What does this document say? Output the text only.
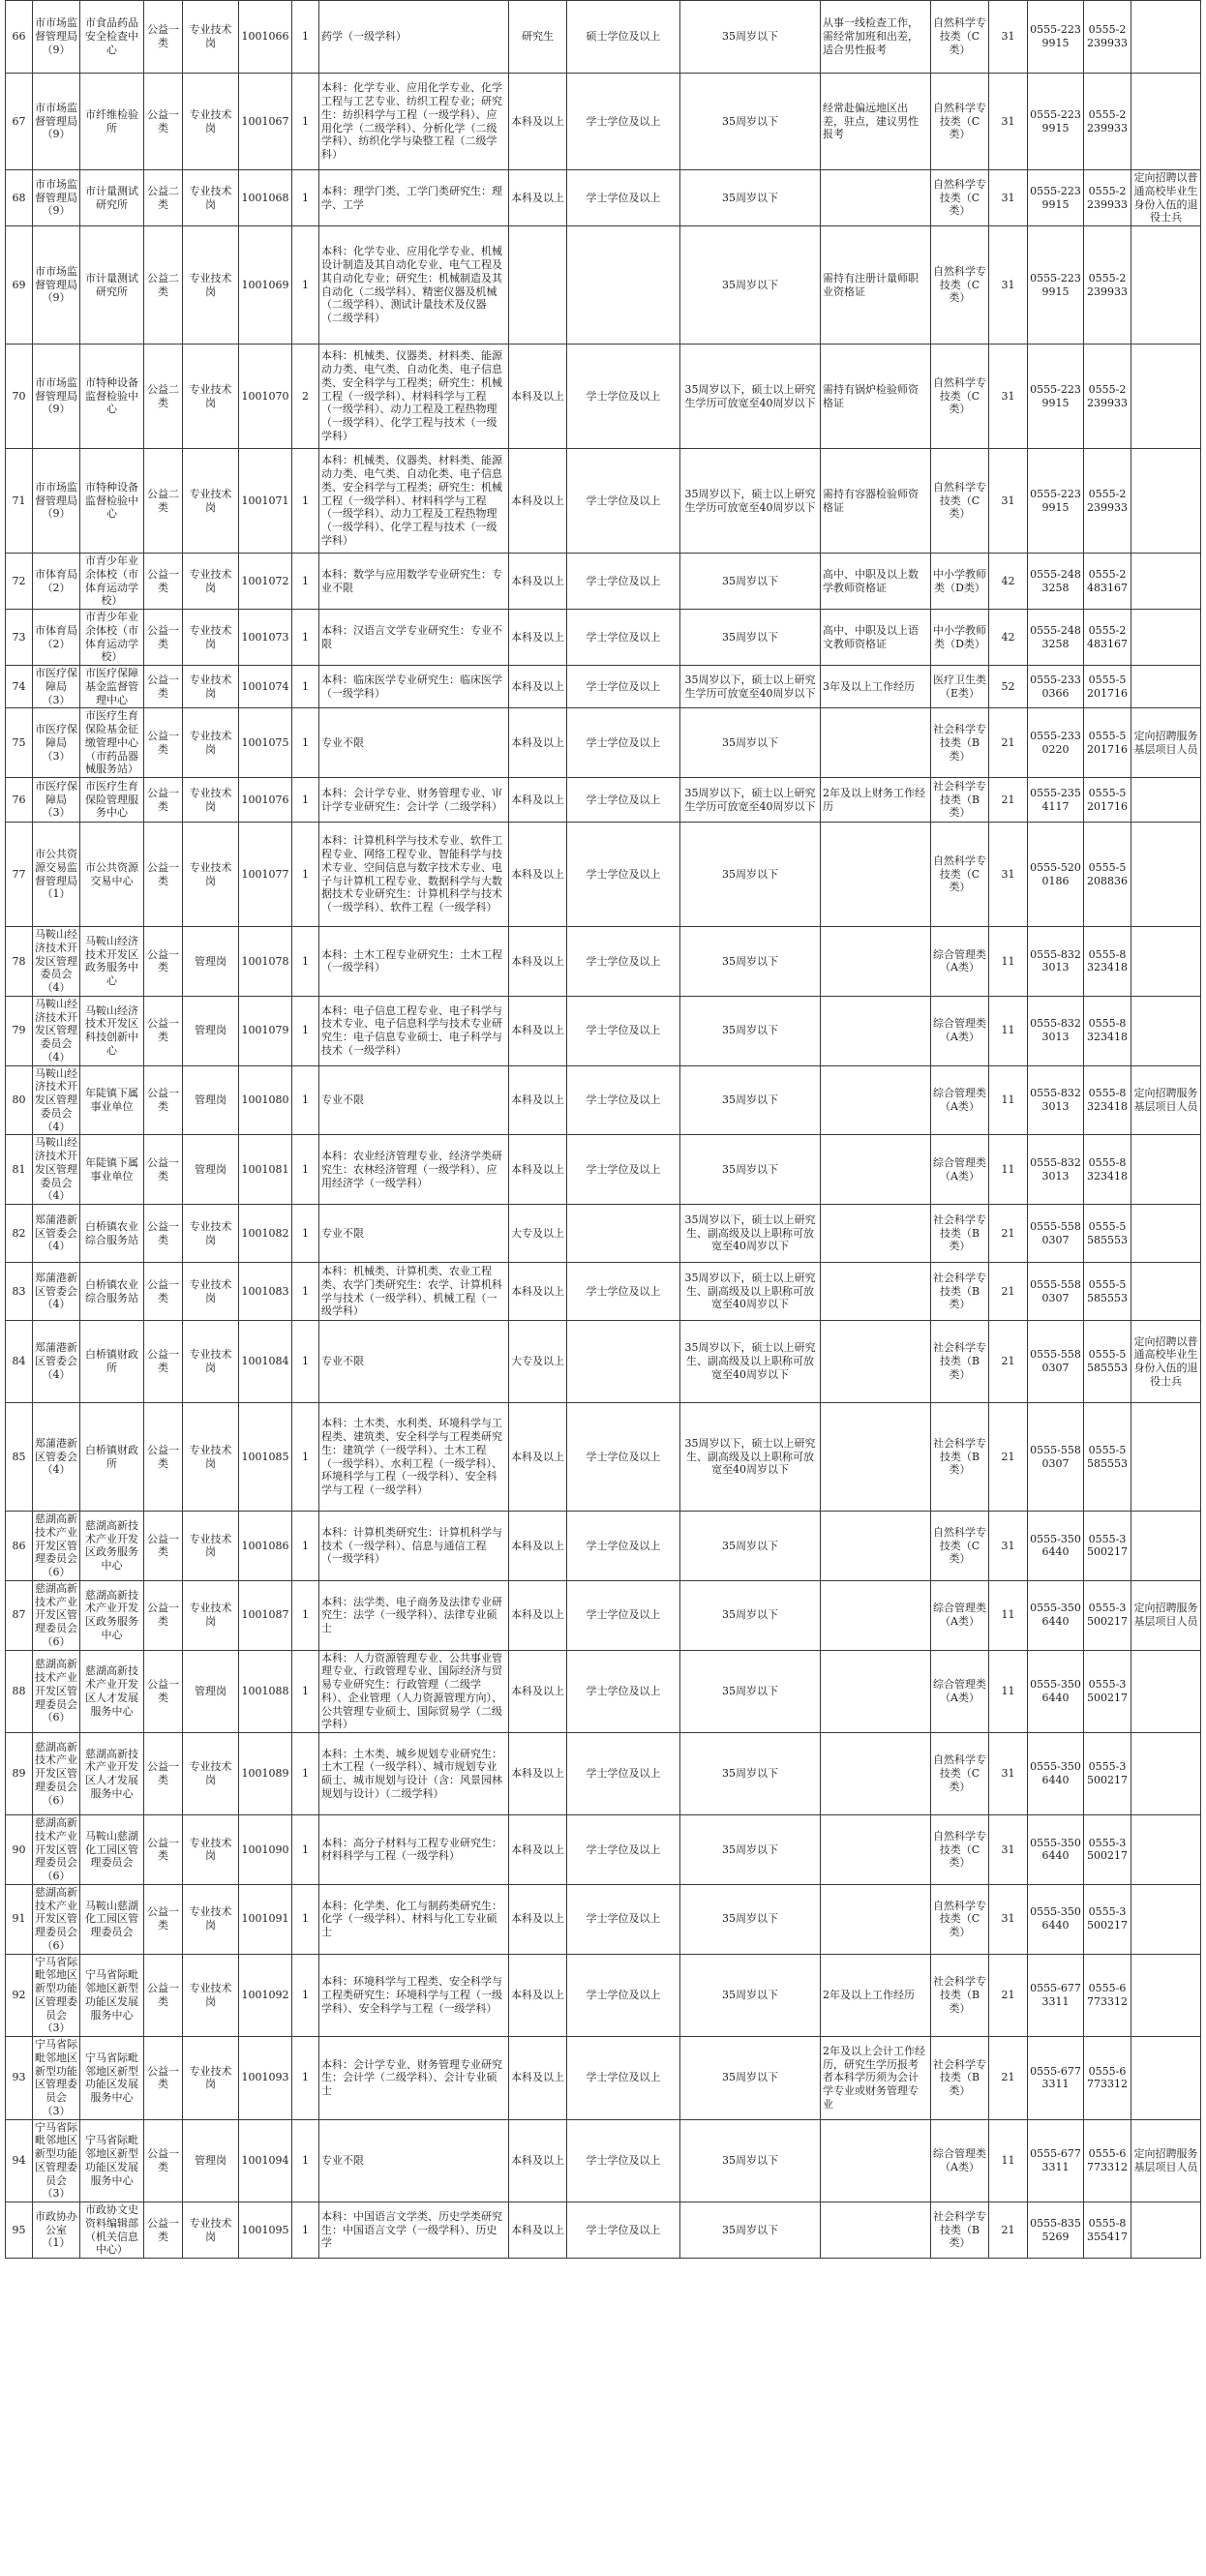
66	市市场监督管理局（9）	市食品药品安全检查中心	公益一类	专业技术岗	1001066	1	药学（一级学科）	研究生	硕士学位及以上	35周岁以下	从事一线检查工作，需经常加班和出差，适合男性报考	自然科学专技类（C类）	31	0555-2239915	0555-2239933	
67	市市场监督管理局（9）	市纤维检验所	公益一类	专业技术岗	1001067	1	本科：化学专业、应用化学专业、化学工程与工艺专业、纺织工程专业；研究生：纺织科学与工程（一级学科）、应用化学（二级学科）、分析化学（二级学科）、纺织化学与染整工程（二级学科）	本科及以上	学士学位及以上	35周岁以下	经常赴偏远地区出差，驻点，建议男性报考	自然科学专技类（C类）	31	0555-2239915	0555-2239933	
68	市市场监督管理局（9）	市计量测试研究所	公益二类	专业技术岗	1001068	1	本科：理学门类、工学门类研究生：理学、工学	本科及以上	学士学位及以上	35周岁以下		自然科学专技类（C类）	31	0555-2239915	0555-2239933	定向招聘以普通高校毕业生身份入伍的退役士兵
69	市市场监督管理局（9）	市计量测试研究所	公益二类	专业技术岗	1001069	1	本科：化学专业、应用化学专业、机械设计制造及其自动化专业、电气工程及其自动化专业；研究生：机械制造及其自动化（二级学科）、精密仪器及机械（二级学科）、测试计量技术及仪器（二级学科）			35周岁以下	需持有注册计量师职业资格证	自然科学专技类（C类）	31	0555-2239915	0555-2239933	
70	市市场监督管理局（9）	市特种设备监督检验中心	公益二类	专业技术岗	1001070	2	本科：机械类、仪器类、材料类、能源动力类、电气类、自动化类、电子信息类、安全科学与工程类；研究生：机械工程（一级学科）、材料科学与工程（一级学科）、动力工程及工程热物理（一级学科）、化学工程与技术（一级学科）	本科及以上	学士学位及以上	35周岁以下，硕士以上研究生学历可放宽至40周岁以下	需持有锅炉检验师资格证	自然科学专技类（C类）	31	0555-2239915	0555-2239933	
71	市市场监督管理局（9）	市特种设备监督检验中心	公益二类	专业技术岗	1001071	1	本科：机械类、仪器类、材料类、能源动力类、电气类、自动化类、电子信息类、安全科学与工程类；研究生：机械工程（一级学科）、材料科学与工程（一级学科）、动力工程及工程热物理（一级学科）、化学工程与技术（一级学科）	本科及以上	学士学位及以上	35周岁以下，硕士以上研究生学历可放宽至40周岁以下	需持有容器检验师资格证	自然科学专技类（C类）	31	0555-2239915	0555-2239933	
72	市体育局（2）	市青少年业余体校（市体育运动学校）	公益一类	专业技术岗	1001072	1	本科：数学与应用数学专业研究生：专业不限	本科及以上	学士学位及以上	35周岁以下	高中、中职及以上数学教师资格证	中小学教师类（D类）	42	0555-2483258	0555-2483167	
73	市体育局（2）	市青少年业余体校（市体育运动学校）	公益一类	专业技术岗	1001073	1	本科：汉语言文学专业研究生：专业不限	本科及以上	学士学位及以上	35周岁以下	高中、中职及以上语文教师资格证	中小学教师类（D类）	42	0555-2483258	0555-2483167	
74	市医疗保障局（3）	市医疗保障基金监督管理中心	公益一类	专业技术岗	1001074	1	本科：临床医学专业研究生：临床医学（一级学科）	本科及以上	学士学位及以上	35周岁以下，硕士以上研究生学历可放宽至40周岁以下	3年及以上工作经历	医疗卫生类（E类）	52	0555-2330366	0555-5201716	
75	市医疗保障局（3）	市医疗生育保险基金征缴管理中心（市药品器械服务站）	公益一类	专业技术岗	1001075	1	专业不限	本科及以上	学士学位及以上	35周岁以下		社会科学专技类（B类）	21	0555-2330220	0555-5201716	定向招聘服务基层项目人员
76	市医疗保障局（3）	市医疗生育保险管理服务中心	公益一类	专业技术岗	1001076	1	本科：会计学专业、财务管理专业、审计学专业研究生：会计学（二级学科）	本科及以上	学士学位及以上	35周岁以下，硕士以上研究生学历可放宽至40周岁以下	2年及以上财务工作经历	社会科学专技类（B类）	21	0555-2354117	0555-5201716	
77	市公共资源交易监督管理局（1）	市公共资源交易中心	公益一类	专业技术岗	1001077	1	本科：计算机科学与技术专业、软件工程专业、网络工程专业、智能科学与技术专业、空间信息与数字技术专业、电子与计算机工程专业、数据科学与大数据技术专业研究生：计算机科学与技术（一级学科）、软件工程（一级学科）	本科及以上	学士学位及以上	35周岁以下		自然科学专技类（C类）	31	0555-5200186	0555-5208836	
78	马鞍山经济技术开发区管理委员会（4）	马鞍山经济技术开发区政务服务中心	公益一类	管理岗	1001078	1	本科：土木工程专业研究生：土木工程（一级学科）	本科及以上	学士学位及以上	35周岁以下		综合管理类（A类）	11	0555-8323013	0555-8323418	
79	马鞍山经济技术开发区管理委员会（4）	马鞍山经济技术开发区科技创新中心	公益一类	管理岗	1001079	1	本科：电子信息工程专业、电子科学与技术专业、电子信息科学与技术专业研究生：电子信息专业硕士、电子科学与技术（一级学科）	本科及以上	学士学位及以上	35周岁以下		综合管理类（A类）	11	0555-8323013	0555-8323418	
80	马鞍山经济技术开发区管理委员会（4）	年陡镇下属事业单位	公益一类	管理岗	1001080	1	专业不限	本科及以上	学士学位及以上	35周岁以下		综合管理类（A类）	11	0555-8323013	0555-8323418	定向招聘服务基层项目人员
81	马鞍山经济技术开发区管理委员会（4）	年陡镇下属事业单位	公益一类	管理岗	1001081	1	本科：农业经济管理专业、经济学类研究生：农林经济管理（一级学科）、应用经济学（一级学科）	本科及以上	学士学位及以上	35周岁以下		综合管理类（A类）	11	0555-8323013	0555-8323418	
82	郑蒲港新区管委会（4）	白桥镇农业综合服务站	公益一类	专业技术岗	1001082	1	专业不限	大专及以上		35周岁以下，硕士以上研究生、副高级及以上职称可放宽至40周岁以下		社会科学专技类（B类）	21	0555-5580307	0555-5585553	
83	郑蒲港新区管委会（4）	白桥镇农业综合服务站	公益一类	专业技术岗	1001083	1	本科：机械类、计算机类、农业工程类、农学门类研究生：农学、计算机科学与技术（一级学科）、机械工程（一级学科）	本科及以上	学士学位及以上	35周岁以下，硕士以上研究生、副高级及以上职称可放宽至40周岁以下		社会科学专技类（B类）	21	0555-5580307	0555-5585553	
84	郑蒲港新区管委会（4）	白桥镇财政所	公益一类	专业技术岗	1001084	1	专业不限	大专及以上		35周岁以下，硕士以上研究生、副高级及以上职称可放宽至40周岁以下		社会科学专技类（B类）	21	0555-5580307	0555-5585553	定向招聘以普通高校毕业生身份入伍的退役士兵
85	郑蒲港新区管委会（4）	白桥镇财政所	公益一类	专业技术岗	1001085	1	本科：土木类、水利类、环境科学与工程类、建筑类、安全科学与工程类研究生：建筑学（一级学科）、土木工程（一级学科）、水利工程（一级学科）、环境科学与工程（一级学科）、安全科学与工程（一级学科）	本科及以上	学士学位及以上	35周岁以下，硕士以上研究生、副高级及以上职称可放宽至40周岁以下		社会科学专技类（B类）	21	0555-5580307	0555-5585553	
86	慈湖高新技术产业开发区管理委员会（6）	慈湖高新技术产业开发区政务服务中心	公益一类	专业技术岗	1001086	1	本科：计算机类研究生：计算机科学与技术（一级学科）、信息与通信工程（一级学科）	本科及以上	学士学位及以上	35周岁以下		自然科学专技类（C类）	31	0555-3506440	0555-3500217	
87	慈湖高新技术产业开发区管理委员会（6）	慈湖高新技术产业开发区政务服务中心	公益一类	专业技术岗	1001087	1	本科：法学类、电子商务及法律专业研究生：法学（一级学科）、法律专业硕士	本科及以上	学士学位及以上	35周岁以下		综合管理类（A类）	11	0555-3506440	0555-3500217	定向招聘服务基层项目人员
88	慈湖高新技术产业开发区管理委员会（6）	慈湖高新技术产业开发区人才发展服务中心	公益一类	管理岗	1001088	1	本科：人力资源管理专业、公共事业管理专业、行政管理专业、国际经济与贸易专业研究生：行政管理（二级学科）、企业管理（人力资源管理方向）、公共管理专业硕士、国际贸易学（二级学科）	本科及以上	学士学位及以上	35周岁以下		综合管理类（A类）	11	0555-3506440	0555-3500217	
89	慈湖高新技术产业开发区管理委员会（6）	慈湖高新技术产业开发区人才发展服务中心	公益一类	专业技术岗	1001089	1	本科：土木类、城乡规划专业研究生：土木工程（一级学科）、城市规划专业硕士、城市规划与设计（含：风景园林规划与设计）（二级学科）	本科及以上	学士学位及以上	35周岁以下		自然科学专技类（C类）	31	0555-3506440	0555-3500217	
90	慈湖高新技术产业开发区管理委员会（6）	马鞍山慈湖化工园区管理委员会	公益一类	专业技术岗	1001090	1	本科：高分子材料与工程专业研究生：材料科学与工程（一级学科）	本科及以上	学士学位及以上	35周岁以下		自然科学专技类（C类）	31	0555-3506440	0555-3500217	
91	慈湖高新技术产业开发区管理委员会（6）	马鞍山慈湖化工园区管理委员会	公益一类	专业技术岗	1001091	1	本科：化学类、化工与制药类研究生：化学（一级学科）、材料与化工专业硕士	本科及以上	学士学位及以上	35周岁以下		自然科学专技类（C类）	31	0555-3506440	0555-3500217	
92	宁马省际毗邻地区新型功能区管理委员会（3）	宁马省际毗邻地区新型功能区发展服务中心	公益一类	专业技术岗	1001092	1	本科：环境科学与工程类、安全科学与工程类研究生：环境科学与工程（一级学科）、安全科学与工程（一级学科）	本科及以上	学士学位及以上	35周岁以下	2年及以上工作经历	社会科学专技类（B类）	21	0555-6773311	0555-6773312	
93	宁马省际毗邻地区新型功能区管理委员会（3）	宁马省际毗邻地区新型功能区发展服务中心	公益一类	专业技术岗	1001093	1	本科：会计学专业、财务管理专业研究生：会计学（二级学科）、会计专业硕士	本科及以上	学士学位及以上	35周岁以下	2年及以上会计工作经历，研究生学历报考者本科学历须为会计学专业或财务管理专业	社会科学专技类（B类）	21	0555-6773311	0555-6773312	
94	宁马省际毗邻地区新型功能区管理委员会（3）	宁马省际毗邻地区新型功能区发展服务中心	公益一类	管理岗	1001094	1	专业不限	本科及以上	学士学位及以上	35周岁以下		综合管理类（A类）	11	0555-6773311	0555-6773312	定向招聘服务基层项目人员
95	市政协办公室（1）	市政协文史资料编辑部（机关信息中心）	公益一类	专业技术岗	1001095	1	本科：中国语言文学类、历史学类研究生：中国语言文学（一级学科）、历史学	本科及以上	学士学位及以上	35周岁以下		社会科学专技类（B类）	21	0555-8355269	0555-8355417	
